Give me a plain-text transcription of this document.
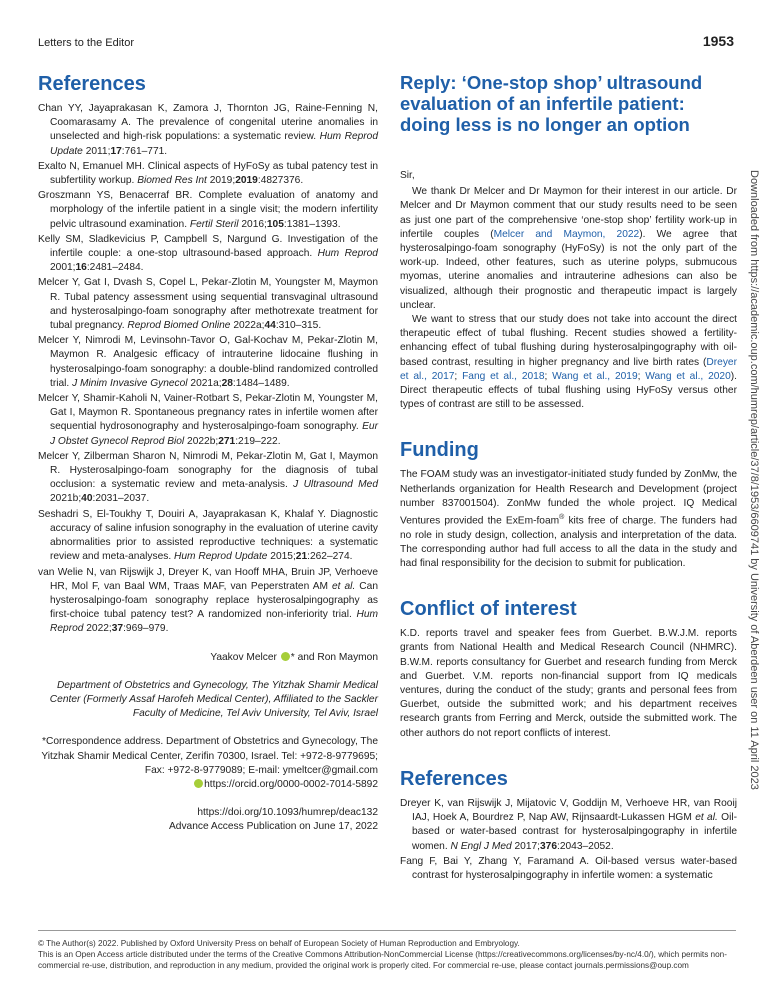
Letters to the Editor	1953
References
Chan YY, Jayaprakasan K, Zamora J, Thornton JG, Raine-Fenning N, Coomarasamy A. The prevalence of congenital uterine anomalies in unselected and high-risk populations: a systematic review. Hum Reprod Update 2011;17:761–771.
Exalto N, Emanuel MH. Clinical aspects of HyFoSy as tubal patency test in subfertility workup. Biomed Res Int 2019;2019:4827376.
Groszmann YS, Benacerraf BR. Complete evaluation of anatomy and morphology of the infertile patient in a single visit; the modern infertility pelvic ultrasound examination. Fertil Steril 2016;105:1381–1393.
Kelly SM, Sladkevicius P, Campbell S, Nargund G. Investigation of the infertile couple: a one-stop ultrasound-based approach. Hum Reprod 2001;16:2481–2484.
Melcer Y, Gat I, Dvash S, Copel L, Pekar-Zlotin M, Youngster M, Maymon R. Tubal patency assessment using sequential transvaginal ultrasound and hysterosalpingo-foam sonography after methotrexate treatment for tubal pregnancy. Reprod Biomed Online 2022a;44:310–315.
Melcer Y, Nimrodi M, Levinsohn-Tavor O, Gal-Kochav M, Pekar-Zlotin M, Maymon R. Analgesic efficacy of intrauterine lidocaine flushing in hysterosalpingo-foam sonography: a double-blind randomized controlled trial. J Minim Invasive Gynecol 2021a;28:1484–1489.
Melcer Y, Shamir-Kaholi N, Vainer-Rotbart S, Pekar-Zlotin M, Youngster M, Gat I, Maymon R. Spontaneous pregnancy rates in infertile women after sequential hydrosonography and hysterosalpingo-foam sonography. Eur J Obstet Gynecol Reprod Biol 2022b;271:219–222.
Melcer Y, Zilberman Sharon N, Nimrodi M, Pekar-Zlotin M, Gat I, Maymon R. Hysterosalpingo-foam sonography for the diagnosis of tubal occlusion: a systematic review and meta-analysis. J Ultrasound Med 2021b;40:2031–2037.
Seshadri S, El-Toukhy T, Douiri A, Jayaprakasan K, Khalaf Y. Diagnostic accuracy of saline infusion sonography in the evaluation of uterine cavity abnormalities prior to assisted reproductive techniques: a systematic review and meta-analyses. Hum Reprod Update 2015;21:262–274.
van Welie N, van Rijswijk J, Dreyer K, van Hooff MHA, Bruin JP, Verhoeve HR, Mol F, van Baal WM, Traas MAF, van Peperstraten AM et al. Can hysterosalpingo-foam sonography replace hysterosalpingography as first-choice tubal patency test? A randomized non-inferiority trial. Hum Reprod 2022;37:969–979.
Yaakov Melcer * and Ron Maymon
Department of Obstetrics and Gynecology, The Yitzhak Shamir Medical Center (Formerly Assaf Harofeh Medical Center), Affiliated to the Sackler Faculty of Medicine, Tel Aviv University, Tel Aviv, Israel
*Correspondence address. Department of Obstetrics and Gynecology, The Yitzhak Shamir Medical Center, Zerifin 70300, Israel. Tel: +972-8-9779695; Fax: +972-8-9779089; E-mail: ymeltcer@gmail.com
https://orcid.org/0000-0002-7014-5892
https://doi.org/10.1093/humrep/deac132
Advance Access Publication on June 17, 2022
Reply: ‘One-stop shop’ ultrasound evaluation of an infertile patient: doing less is no longer an option

Sir,

We thank Dr Melcer and Dr Maymon for their interest in our article. Dr Melcer and Dr Maymon comment that our study results need to be seen as just one part of the comprehensive ‘one-stop shop’ fertility work-up in infertile couples (Melcer and Maymon, 2022). We agree that hysterosalpingo-foam sonography (HyFoSy) is not the only part of the work-up. Indeed, other features, such as uterine polyps, submucous myomas, uterine anomalies and intrauterine adhesions can also be visualized, although their prognostic and therapeutic impact is largely unclear.

We want to stress that our study does not take into account the direct therapeutic effect of tubal flushing. Recent studies showed a fertility-enhancing effect of tubal flushing during hysterosalpingography with oil-based contrast, resulting in higher pregnancy and live birth rates (Dreyer et al., 2017; Fang et al., 2018; Wang et al., 2019; Wang et al., 2020). Direct therapeutic effects of tubal flushing using HyFoSy versus other types of contrast are still to be assessed.

Funding

The FOAM study was an investigator-initiated study funded by ZonMw, the Netherlands organization for Health Research and Development (project number 837001504). ZonMw funded the whole project. IQ Medical Ventures provided the ExEm-foam® kits free of charge. The funders had no role in study design, collection, analysis and interpretation of the data. The corresponding author had full access to all the data in the study and had final responsibility for the decision to submit for publication.

Conflict of interest

K.D. reports travel and speaker fees from Guerbet. B.W.J.M. reports grants from National Health and Medical Research Council (NHMRC). B.W.M. reports consultancy for Guerbet and research funding from Merck and Guerbet. V.M. reports non-financial support from IQ medicals ventures, during the conduct of the study; grants and personal fees from Guerbet, outside the submitted work; and his department receives research grants from Ferring and Merck, outside the submitted work. The other authors do not report conflicts of interest.

References
Dreyer K, van Rijswijk J, Mijatovic V, Goddijn M, Verhoeve HR, van Rooij IAJ, Hoek A, Bourdrez P, Nap AW, Rijnsaardt-Lukassen HGM et al. Oil-based or water-based contrast for hysterosalpingography in infertile women. N Engl J Med 2017;376:2043–2052.
Fang F, Bai Y, Zhang Y, Faramand A. Oil-based versus water-based contrast for hysterosalpingography in infertile women: a systematic
Downloaded from https://academic.oup.com/humrep/article/37/8/1953/6609741 by University of Aberdeen user on 11 April 2023
© The Author(s) 2022. Published by Oxford University Press on behalf of European Society of Human Reproduction and Embryology.
This is an Open Access article distributed under the terms of the Creative Commons Attribution-NonCommercial License (https://creativecommons.org/licenses/by-nc/4.0/), which permits non-commercial re-use, distribution, and reproduction in any medium, provided the original work is properly cited. For commercial re-use, please contact journals.permissions@oup.com
